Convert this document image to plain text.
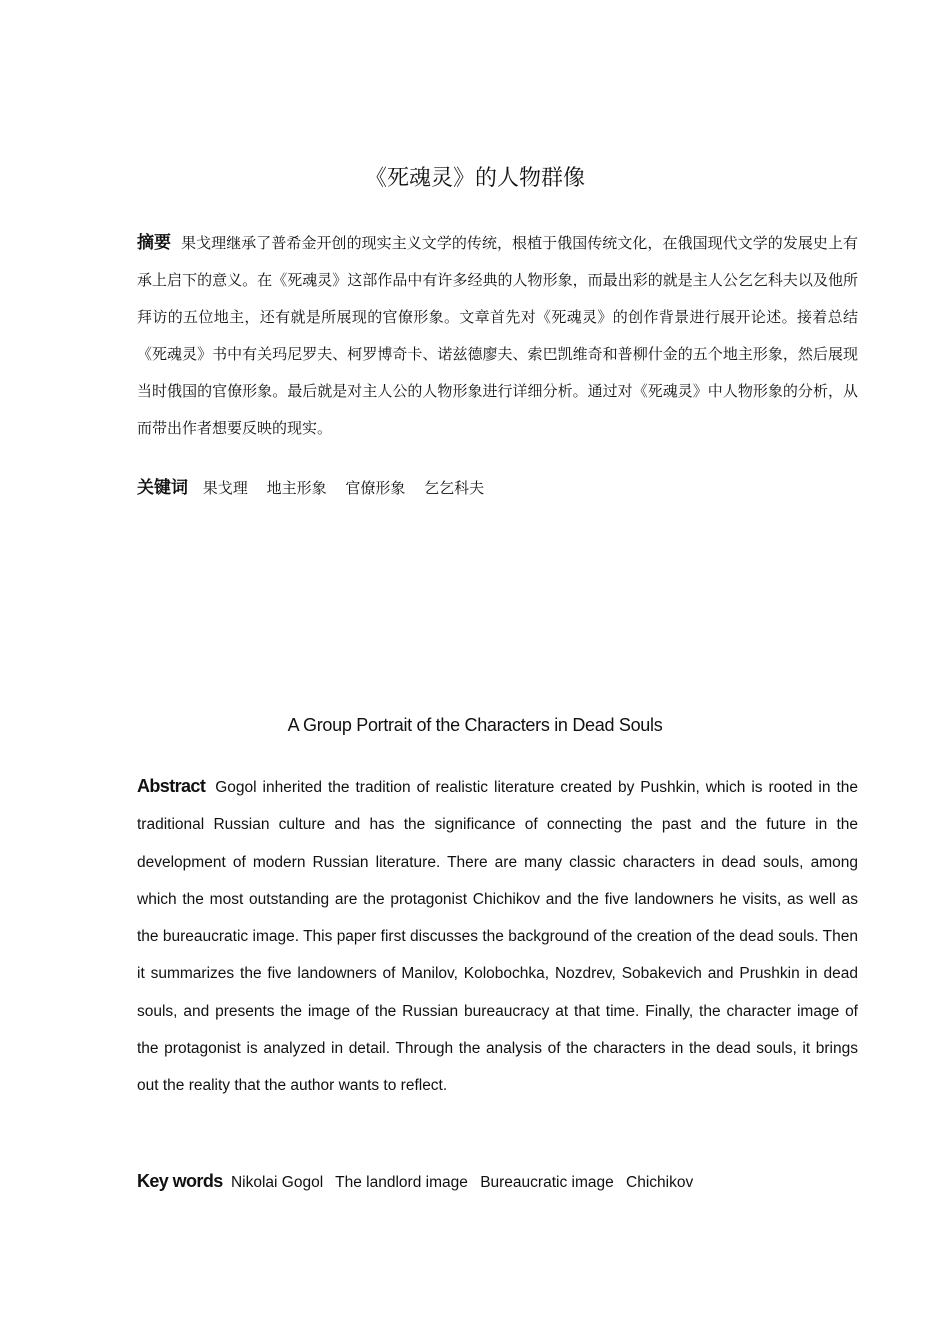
《死魂灵》的人物群像

摘要 果戈理继承了普希金开创的现实主义文学的传统，根植于俄国传统文化，在俄国现代文学的发展史上有承上启下的意义。在《死魂灵》这部作品中有许多经典的人物形象，而最出彩的就是主人公乞乞科夫以及他所拜访的五位地主，还有就是所展现的官僚形象。文章首先对《死魂灵》的创作背景进行展开论述。接着总结《死魂灵》书中有关玛尼罗夫、柯罗博奇卡、诺兹德廖夫、索巴凯维奇和普柳什金的五个地主形象，然后展现当时俄国的官僚形象。最后就是对主人公的人物形象进行详细分析。通过对《死魂灵》中人物形象的分析，从而带出作者想要反映的现实。

关键词 果戈理 地主形象 官僚形象 乞乞科夫

A Group Portrait of the Characters in Dead Souls

Abstract Gogol inherited the tradition of realistic literature created by Pushkin, which is rooted in the traditional Russian culture and has the significance of connecting the past and the future in the development of modern Russian literature. There are many classic characters in dead souls, among which the most outstanding are the protagonist Chichikov and the five landowners he visits, as well as the bureaucratic image. This paper first discusses the background of the creation of the dead souls. Then it summarizes the five landowners of Manilov, Kolobochka, Nozdrev, Sobakevich and Prushkin in dead souls, and presents the image of the Russian bureaucracy at that time. Finally, the character image of the protagonist is analyzed in detail. Through the analysis of the characters in the dead souls, it brings out the reality that the author wants to reflect.

Key words Nikolai Gogol The landlord image Bureaucratic image Chichikov
